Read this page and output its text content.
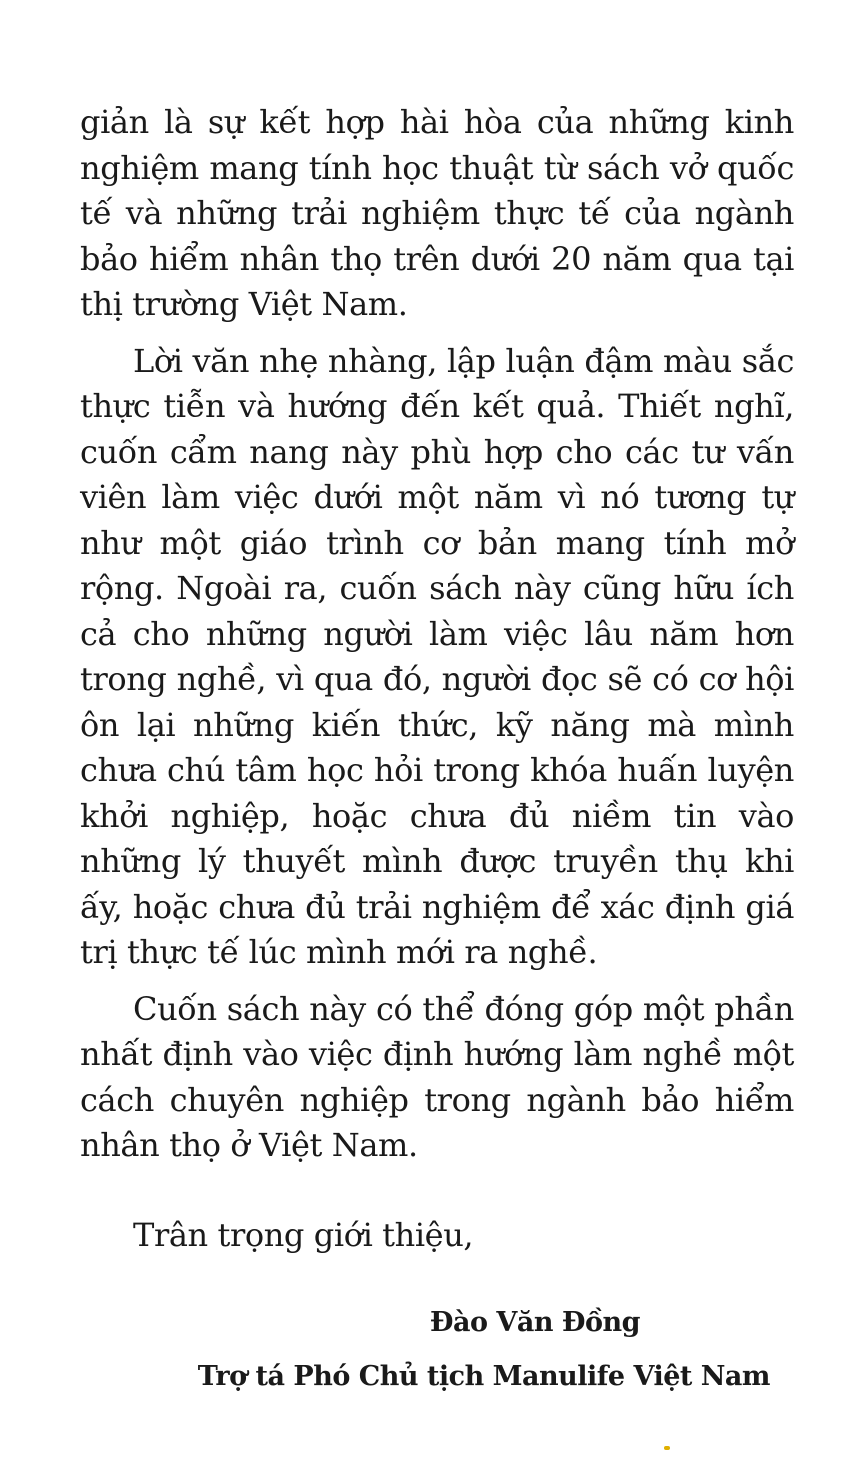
giản là sự kết hợp hài hòa của những kinh nghiệm mang tính học thuật từ sách vở quốc tế và những trải nghiệm thực tế của ngành bảo hiểm nhân thọ trên dưới 20 năm qua tại thị trường Việt Nam.

Lời văn nhẹ nhàng, lập luận đậm màu sắc thực tiễn và hướng đến kết quả. Thiết nghĩ, cuốn cẩm nang này phù hợp cho các tư vấn viên làm việc dưới một năm vì nó tương tự như một giáo trình cơ bản mang tính mở rộng. Ngoài ra, cuốn sách này cũng hữu ích cả cho những người làm việc lâu năm hơn trong nghề, vì qua đó, người đọc sẽ có cơ hội ôn lại những kiến thức, kỹ năng mà mình chưa chú tâm học hỏi trong khóa huấn luyện khởi nghiệp, hoặc chưa đủ niềm tin vào những lý thuyết mình được truyền thụ khi ấy, hoặc chưa đủ trải nghiệm để xác định giá trị thực tế lúc mình mới ra nghề.

Cuốn sách này có thể đóng góp một phần nhất định vào việc định hướng làm nghề một cách chuyên nghiệp trong ngành bảo hiểm nhân thọ ở Việt Nam.

Trân trọng giới thiệu,

Đào Văn Đồng
Trợ tá Phó Chủ tịch Manulife Việt Nam
